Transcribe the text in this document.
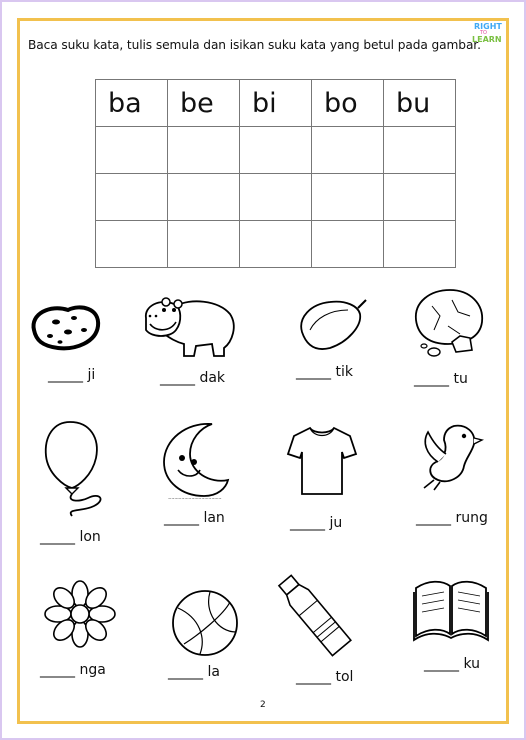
Baca suku kata, tulis semula dan isikan suku kata yang betul pada gambar.
RIGHT
TO
LEARN
ba	be	bi	bo	bu

_____ ji	_____ dak	_____ tik	_____ tu
~~~~~~~~~~~~~~~~
_____ lon
_____ lan	_____ ju	_____ rung
_____ nga	_____ la	_____ tol
_____ ku
2
